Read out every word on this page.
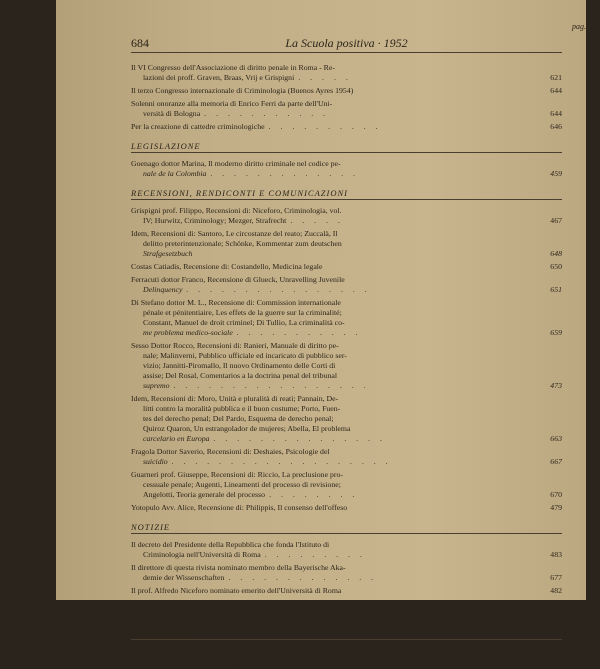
684	La Scuola positiva · 1952
pag.

Il VI Congresso dell'Associazione di diritto penale in Roma - Re-

lazioni dei proff. Graven, Braas, Vrij e Grispigni . . . . .	621

Il terzo Congresso internazionale di Criminologia (Buenos Ayres 1954)	644

Solenni onoranze alla memoria di Enrico Ferri da parte dell'Uni-

versità di Bologna . . . . . . . . . . .	644

Per la creazione di cattedre criminologiche . . . . . . . . . .	646

LEGISLAZIONE

Goenago dottor Marina, Il moderno diritto criminale nel codice pe-

nale de la Colombia . . . . . . . . . . . . .	459

RECENSIONI, RENDICONTI E COMUNICAZIONI

Grispigni prof. Filippo, Recensioni di: Niceforo, Criminologia, vol.

IV; Hurwitz, Criminology; Mezger, Strafrecht . . . . .	467

Idem, Recensioni di: Santoro, Le circostanze del reato; Zuccalà, Il

delitto preterintenzionale; Schönke, Kommentar zum deutschen

Strafgesetzbuch	648

Costas Catiadis, Recensione di: Costandello, Medicina legale	650

Ferracuti dottor Franco, Recensione di Glueck, Unravelling Juvenile

Delinquency . . . . . . . . . . . . . . . .	651

Di Stefano dottor M. L., Recensione di: Commission internationale

pénale et pénitentiaire, Les effets de la guerre sur la criminalité;

Constant, Manuel de droit criminel; Di Tullio, La criminalità co-

me problema medico-sociale . . . . . . . . . . .	659

Sesso Dottor Rocco, Recensioni di: Ranieri, Manuale di diritto pe-

nale; Malinverni, Pubblico ufficiale ed incaricato di pubblico ser-

vizio; Jannitti-Piromallo, Il nuovo Ordinamento delle Corti di

assise; Del Rosal, Comentarios a la doctrina penal del tribunal

supremo . . . . . . . . . . . . . . . . .	473

Idem, Recensioni di: Moro, Unità e pluralità di reati; Pannain, De-

litti contro la moralità pubblica e il buon costume; Porto, Fuen-

tes del derecho penal; Del Pardo, Esquema de derecho penal;

Quiroz Quaron, Un estrangolador de mujeres; Abella, El problema

carcelario en Europa . . . . . . . . . . . . . . .	663

Fragola Dottor Saverio, Recensioni di: Deshaies, Psicologie del

suicidio . . . . . . . . . . . . . . . . . . .	667

Guarneri prof. Giuseppe, Recensioni di: Riccio, La preclusione pro-

cessuale penale; Augenti, Lineamenti del processo di revisione;

Angelotti, Teoria generale del processo . . . . . . . .	670

Yotopulo Avv. Alice, Recensione di: Philippis, Il consenso dell'offeso	479

NOTIZIE

Il decreto del Presidente della Repubblica che fonda l'Istituto di

Criminologia nell'Università di Roma . . . . . . . . .	483

Il direttore di questa rivista nominato membro della Bayerische Aka-

demie der Wissenschaften . . . . . . . . . . . . .	677

Il prof. Alfredo Niceforo nominato emerito dell'Università di Roma	482

Una conferma del prof. Laignel-Lavastine: Le facteur neuro-végétatif

dans les conduites antisociales . . . . . . . . . . . . .	678

NECROLOGI

Domenico Medugno (Senatore G. Persico) . . . . . . . . .	679

De Mennato Mario (prof. G. Cremona) . . . . . . . . .	680
